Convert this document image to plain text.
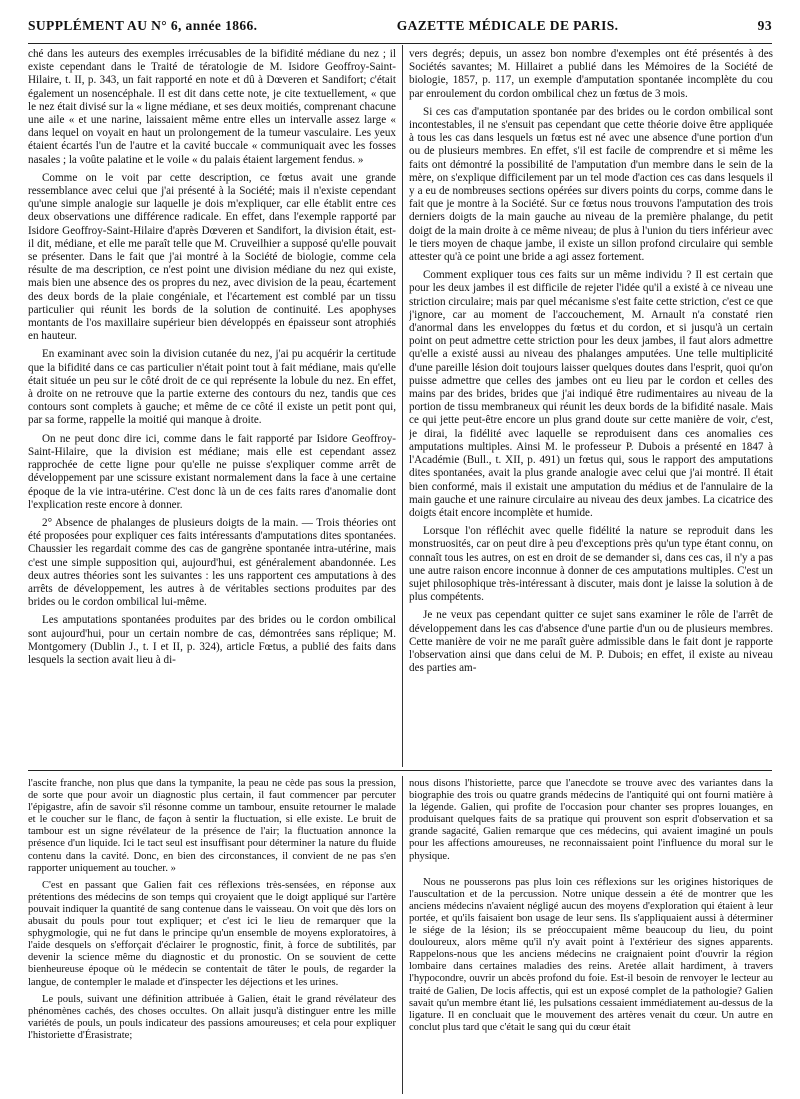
SUPPLÉMENT AU N° 6, année 1866.	GAZETTE MÉDICALE DE PARIS.	93

ché dans les auteurs des exemples irrécusables de la bifidité médiane du nez ; il existe cependant dans le Traité de tératologie de M. Isidore Geoffroy-Saint-Hilaire, t. II, p. 343, un fait rapporté en note et dû à Dœveren et Sandifort; c'était également un nosencéphale. Il est dit dans cette note, je cite textuellement, « que le nez était divisé sur la « ligne médiane, et ses deux moitiés, comprenant chacune une aile « et une narine, laissaient même entre elles un intervalle assez large « dans lequel on voyait en haut un prolongement de la tumeur vasculaire. Les yeux étaient écartés l'un de l'autre et la cavité buccale « communiquait avec les fosses nasales ; la voûte palatine et le voile « du palais étaient largement fendus. »

Comme on le voit par cette description, ce fœtus avait une grande ressemblance avec celui que j'ai présenté à la Société; mais il n'existe cependant qu'une simple analogie sur laquelle je dois m'expliquer, car elle établit entre ces deux observations une différence radicale. En effet, dans l'exemple rapporté par Isidore Geoffroy-Saint-Hilaire d'après Dœveren et Sandifort, la division était, est-il dit, médiane, et elle me paraît telle que M. Cruveilhier a supposé qu'elle pouvait se présenter. Dans le fait que j'ai montré à la Société de biologie, comme cela résulte de ma description, ce n'est point une division médiane du nez qui existe, mais bien une absence des os propres du nez, avec division de la peau, écartement des deux bords de la plaie congéniale, et l'écartement est comblé par un tissu particulier qui réunit les bords de la solution de continuité. Les apophyses montants de l'os maxillaire supérieur bien développés en épaisseur sont atrophiés en hauteur.

En examinant avec soin la division cutanée du nez, j'ai pu acquérir la certitude que la bifidité dans ce cas particulier n'était point tout à fait médiane, mais qu'elle était située un peu sur le côté droit de ce qui représente la lobule du nez. En effet, à droite on ne retrouve que la partie externe des contours du nez, tandis que ces contours sont complets à gauche; et même de ce côté il existe un petit pont qui, par sa forme, rappelle la moitié qui manque à droite.

On ne peut donc dire ici, comme dans le fait rapporté par Isidore Geoffroy-Saint-Hilaire, que la division est médiane; mais elle est cependant assez rapprochée de cette ligne pour qu'elle ne puisse s'expliquer comme arrêt de développement par une scissure existant normalement dans la face à une certaine époque de la vie intra-utérine. C'est donc là un de ces faits rares d'anomalie dont l'explication reste encore à donner.

2° Absence de phalanges de plusieurs doigts de la main. — Trois théories ont été proposées pour expliquer ces faits intéressants d'amputations dites spontanées. Chaussier les regardait comme des cas de gangrène spontanée intra-utérine, mais c'est une simple supposition qui, aujourd'hui, est généralement abandonnée. Les deux autres théories sont les suivantes : les uns rapportent ces amputations à des arrêts de développement, les autres à de véritables sections produites par des brides ou le cordon ombilical lui-même.

Les amputations spontanées produites par des brides ou le cordon ombilical sont aujourd'hui, pour un certain nombre de cas, démontrées sans réplique; M. Montgomery (Dublin J., t. I et II, p. 324), article Fœtus, a publié des faits dans lesquels la section avait lieu à di-

vers degrés; depuis, un assez bon nombre d'exemples ont été présentés à des Sociétés savantes; M. Hillairet a publié dans les Mémoires de la Société de biologie, 1857, p. 117, un exemple d'amputation spontanée incomplète du cou par enroulement du cordon ombilical chez un fœtus de 3 mois.

Si ces cas d'amputation spontanée par des brides ou le cordon ombilical sont incontestables, il ne s'ensuit pas cependant que cette théorie doive être appliquée à tous les cas dans lesquels un fœtus est né avec une absence d'une portion d'un ou de plusieurs membres. En effet, s'il est facile de comprendre et si même les faits ont démontré la possibilité de l'amputation d'un membre dans le sein de la mère, on s'explique difficilement par un tel mode d'action ces cas dans lesquels il y a eu de nombreuses sections opérées sur divers points du corps, comme dans le fait que je montre à la Société. Sur ce fœtus nous trouvons l'amputation des trois derniers doigts de la main gauche au niveau de la première phalange, du petit doigt de la main droite à ce même niveau; de plus à l'union du tiers inférieur avec le tiers moyen de chaque jambe, il existe un sillon profond circulaire qui semble attester qu'à ce point une bride a agi assez fortement.

Comment expliquer tous ces faits sur un même individu ? Il est certain que pour les deux jambes il est difficile de rejeter l'idée qu'il a existé à ce niveau une striction circulaire; mais par quel mécanisme s'est faite cette striction, c'est ce que j'ignore, car au moment de l'accouchement, M. Arnault n'a constaté rien d'anormal dans les enveloppes du fœtus et du cordon, et si jusqu'à un certain point on peut admettre cette striction pour les deux jambes, il faut alors admettre qu'elle a existé aussi au niveau des phalanges amputées. Une telle multiplicité d'une pareille lésion doit toujours laisser quelques doutes dans l'esprit, quoi qu'on puisse admettre que celles des jambes ont eu lieu par le cordon et celles des mains par des brides, brides que j'ai indiqué être rudimentaires au niveau de la portion de tissu membraneux qui réunit les deux bords de la bifidité nasale. Mais ce qui jette peut-être encore un plus grand doute sur cette manière de voir, c'est, je dirai, la fidélité avec laquelle se reproduisent dans ces anomalies ces amputations multiples. Ainsi M. le professeur P. Dubois a présenté en 1847 à l'Académie (Bull., t. XII, p. 491) un fœtus qui, sous le rapport des amputations dites spontanées, avait la plus grande analogie avec celui que j'ai montré. Il était bien conformé, mais il existait une amputation du médius et de l'annulaire de la main gauche et une rainure circulaire au niveau des deux jambes. La cicatrice des doigts était encore incomplète et humide.

Lorsque l'on réfléchit avec quelle fidélité la nature se reproduit dans les monstruosités, car on peut dire à peu d'exceptions près qu'un type étant connu, on connaît tous les autres, on est en droit de se demander si, dans ces cas, il n'y a pas une autre raison encore inconnue à donner de ces amputations multiples. C'est un sujet philosophique très-intéressant à discuter, mais dont je laisse la solution à de plus compétents.

Je ne veux pas cependant quitter ce sujet sans examiner le rôle de l'arrêt de développement dans les cas d'absence d'une partie d'un ou de plusieurs membres. Cette manière de voir ne me paraît guère admissible dans le fait dont je rapporte l'observation ainsi que dans celui de M. P. Dubois; en effet, il existe au niveau des parties am-

l'ascite franche, non plus que dans la tympanite, la peau ne cède pas sous la pression, de sorte que pour avoir un diagnostic plus certain, il faut commencer par percuter l'épigastre, afin de savoir s'il résonne comme un tambour, ensuite retourner le malade et le coucher sur le flanc, de façon à sentir la fluctuation, si elle existe. Le bruit de tambour est un signe révélateur de la présence de l'air; la fluctuation annonce la présence d'un liquide. Ici le tact seul est insuffisant pour déterminer la nature du fluide contenu dans la cavité. Donc, en bien des circonstances, il convient de ne pas s'en rapporter uniquement au toucher. »

C'est en passant que Galien fait ces réflexions très-sensées, en réponse aux prétentions des médecins de son temps qui croyaient que le doigt appliqué sur l'artère pouvait indiquer la quantité de sang contenue dans le vaisseau. On voit que dès lors on abusait du pouls pour tout expliquer; et c'est ici le lieu de remarquer que la sphygmologie, qui ne fut dans le principe qu'un ensemble de moyens exploratoires, à l'aide desquels on s'efforçait d'éclairer le prognostic, finit, à force de subtilités, par devenir la science même du diagnostic et du pronostic. On se souvient de cette bienheureuse époque où le médecin se contentait de tâter le pouls, de regarder la langue, de contempler le malade et d'inspecter les déjections et les urines.

Le pouls, suivant une définition attribuée à Galien, était le grand révélateur des phénomènes cachés, des choses occultes. On allait jusqu'à distinguer entre les mille variétés de pouls, un pouls indicateur des passions amoureuses; et cela pour expliquer l'historiette d'Érasistrate;

nous disons l'historiette, parce que l'anecdote se trouve avec des variantes dans la biographie des trois ou quatre grands médecins de l'antiquité qui ont fourni matière à la légende. Galien, qui profite de l'occasion pour chanter ses propres louanges, en produisant quelques faits de sa pratique qui prouvent son esprit d'observation et sa grande sagacité, Galien remarque que ces médecins, qui avaient imaginé un pouls pour les affections amoureuses, ne reconnaissaient point l'influence du moral sur le physique.

Nous ne pousserons pas plus loin ces réflexions sur les origines historiques de l'auscultation et de la percussion. Notre unique dessein a été de montrer que les anciens médecins n'avaient négligé aucun des moyens d'exploration qui étaient à leur portée, et qu'ils faisaient bon usage de leur sens. Ils s'appliquaient aussi à déterminer le siége de la lésion; ils se préoccupaient même beaucoup du lieu, du point douloureux, alors même qu'il n'y avait point à l'extérieur des signes apparents. Rappelons-nous que les anciens médecins ne craignaient point d'ouvrir la région lombaire dans certaines maladies des reins. Aretée allait hardiment, à travers l'hypocondre, ouvrir un abcès profond du foie. Est-il besoin de renvoyer le lecteur au traité de Galien, De locis affectis, qui est un exposé complet de la pathologie? Galien savait qu'un membre étant lié, les pulsations cessaient immédiatement au-dessus de la ligature. Il en concluait que le mouvement des artères venait du cœur. Un autre en conclut plus tard que c'était le sang qui du cœur était
